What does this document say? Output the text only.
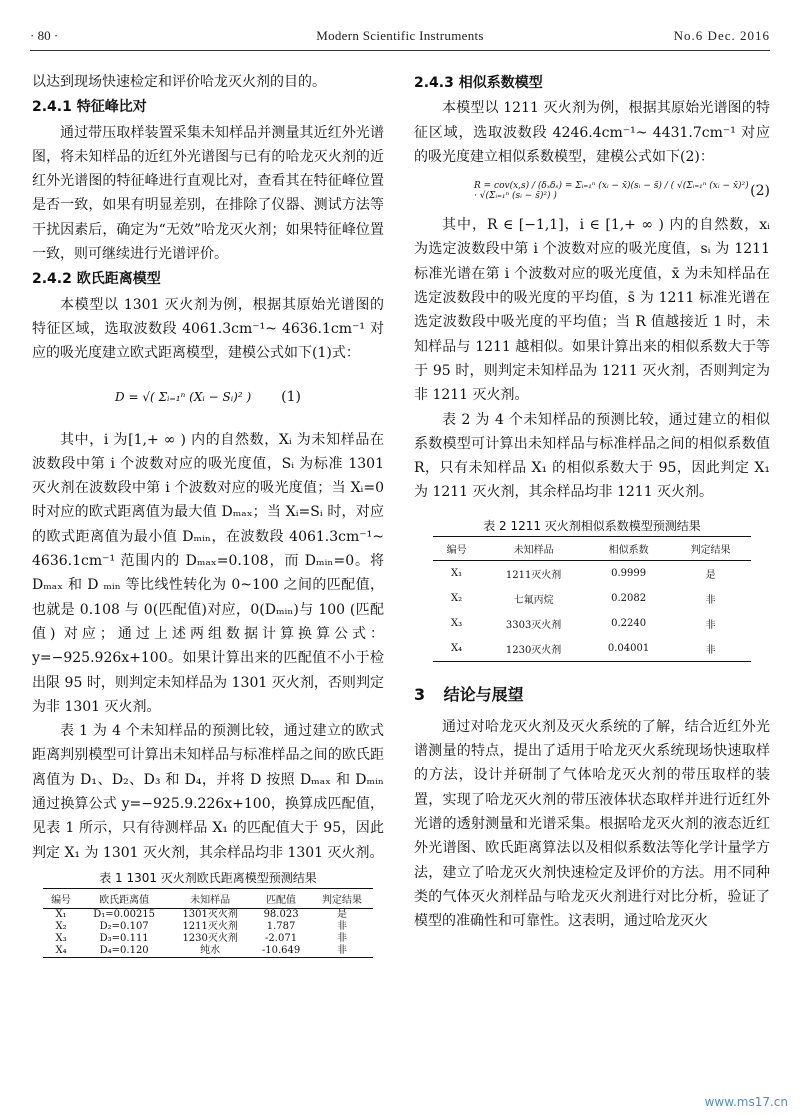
· 80 ·	Modern Scientific Instruments	No.6 Dec. 2016

以达到现场快速检定和评价哈龙灭火剂的目的。

2.4.1 特征峰比对

通过带压取样装置采集未知样品并测量其近红外光谱图，将未知样品的近红外光谱图与已有的哈龙灭火剂的近红外光谱图的特征峰进行直观比对，查看其在特征峰位置是否一致，如果有明显差别，在排除了仪器、测试方法等干扰因素后，确定为“无效”哈龙灭火剂；如果特征峰位置一致，则可继续进行光谱评价。

2.4.2 欧氏距离模型

本模型以 1301 灭火剂为例，根据其原始光谱图的特征区域，选取波数段 4061.3cm⁻¹~ 4636.1cm⁻¹ 对应的吸光度建立欧式距离模型，建模公式如下(1)式：

D = √( Σᵢ₌₁ⁿ (Xᵢ − Sᵢ)² ) (1)

其中，i 为[1,+ ∞ ) 内的自然数，Xᵢ 为未知样品在波数段中第 i 个波数对应的吸光度值，Sᵢ 为标准 1301 灭火剂在波数段中第 i 个波数对应的吸光度值；当 Xᵢ=0 时对应的欧式距离值为最大值 Dₘₐₓ；当 Xᵢ=Sᵢ 时，对应的欧式距离值为最小值 Dₘᵢₙ，在波数段 4061.3cm⁻¹~ 4636.1cm⁻¹ 范围内的 Dₘₐₓ=0.108，而 Dₘᵢₙ=0。将 Dₘₐₓ 和 D ₘᵢₙ 等比线性转化为 0~100 之间的匹配值，也就是 0.108 与 0(匹配值)对应，0(Dₘᵢₙ)与 100 (匹配值) 对应；通过上述两组数据计算换算公式：y=−925.926x+100。如果计算出来的匹配值不小于检出限 95 时，则判定未知样品为 1301 灭火剂，否则判定为非 1301 灭火剂。

表 1 为 4 个未知样品的预测比较，通过建立的欧式距离判别模型可计算出未知样品与标准样品之间的欧氏距离值为 D₁、D₂、D₃ 和 D₄，并将 D 按照 Dₘₐₓ 和 Dₘᵢₙ 通过换算公式 y=−925.9.226x+100，换算成匹配值，见表 1 所示，只有待测样品 X₁ 的匹配值大于 95，因此判定 X₁ 为 1301 灭火剂，其余样品均非 1301 灭火剂。

表 1 1301 灭火剂欧氏距离模型预测结果
编号	欧氏距离值	未知样品	匹配值	判定结果
X₁	D₁=0.00215	1301灭火剂	98.023	是
X₂	D₂=0.107	1211灭火剂	1.787	非
X₃	D₃=0.111	1230灭火剂	-2.071	非
X₄	D₄=0.120	纯水	-10.649	非
2.4.3 相似系数模型

本模型以 1211 灭火剂为例，根据其原始光谱图的特征区域，选取波数段 4246.4cm⁻¹~ 4431.7cm⁻¹ 对应的吸光度建立相似系数模型，建模公式如下(2)：

R = cov(x,s) / (δₓδₛ) = Σᵢ₌₁ⁿ (xᵢ − x̄)(sᵢ − s̄) / ( √(Σᵢ₌₁ⁿ (xᵢ − x̄)²) · √(Σᵢ₌₁ⁿ (sᵢ − s̄)²) )	(2)

其中，R ∈ [−1,1]，i ∈ [1,+ ∞ ) 内的自然数，xᵢ 为选定波数段中第 i 个波数对应的吸光度值，sᵢ 为 1211 标准光谱在第 i 个波数对应的吸光度值，x̄ 为未知样品在选定波数段中的吸光度的平均值，s̄ 为 1211 标准光谱在选定波数段中吸光度的平均值；当 R 值越接近 1 时，未知样品与 1211 越相似。如果计算出来的相似系数大于等于 95 时，则判定未知样品为 1211 灭火剂，否则判定为非 1211 灭火剂。

表 2 为 4 个未知样品的预测比较，通过建立的相似系数模型可计算出未知样品与标准样品之间的相似系数值 R，只有未知样品 X₁ 的相似系数大于 95，因此判定 X₁ 为 1211 灭火剂，其余样品均非 1211 灭火剂。

表 2 1211 灭火剂相似系数模型预测结果
编号	未知样品	相似系数	判定结果
X₁	1211灭火剂	0.9999	是
X₂	七氟丙烷	0.2082	非
X₃	3303灭火剂	0.2240	非
X₄	1230灭火剂	0.04001	非
3 结论与展望

通过对哈龙灭火剂及灭火系统的了解，结合近红外光谱测量的特点，提出了适用于哈龙灭火系统现场快速取样的方法，设计并研制了气体哈龙灭火剂的带压取样的装置，实现了哈龙灭火剂的带压液体状态取样并进行近红外光谱的透射测量和光谱采集。根据哈龙灭火剂的液态近红外光谱图、欧氏距离算法以及相似系数法等化学计量学方法，建立了哈龙灭火剂快速检定及评价的方法。用不同种类的气体灭火剂样品与哈龙灭火剂进行对比分析，验证了模型的准确性和可靠性。这表明，通过哈龙灭火

www.ms17.cn
